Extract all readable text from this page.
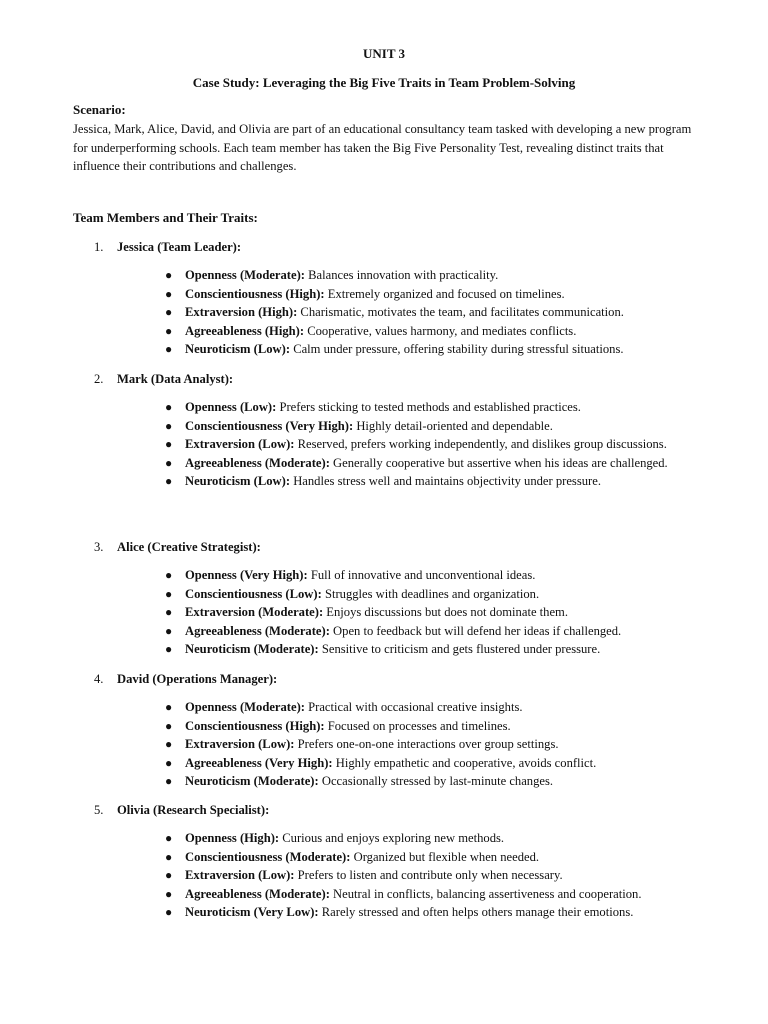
UNIT 3
Case Study: Leveraging the Big Five Traits in Team Problem-Solving
Scenario:
Jessica, Mark, Alice, David, and Olivia are part of an educational consultancy team tasked with developing a new program for underperforming schools. Each team member has taken the Big Five Personality Test, revealing distinct traits that influence their contributions and challenges.
Team Members and Their Traits:
1. Jessica (Team Leader):
● Openness (Moderate): Balances innovation with practicality.
● Conscientiousness (High): Extremely organized and focused on timelines.
● Extraversion (High): Charismatic, motivates the team, and facilitates communication.
● Agreeableness (High): Cooperative, values harmony, and mediates conflicts.
● Neuroticism (Low): Calm under pressure, offering stability during stressful situations.
2. Mark (Data Analyst):
● Openness (Low): Prefers sticking to tested methods and established practices.
● Conscientiousness (Very High): Highly detail-oriented and dependable.
● Extraversion (Low): Reserved, prefers working independently, and dislikes group discussions.
● Agreeableness (Moderate): Generally cooperative but assertive when his ideas are challenged.
● Neuroticism (Low): Handles stress well and maintains objectivity under pressure.
3. Alice (Creative Strategist):
● Openness (Very High): Full of innovative and unconventional ideas.
● Conscientiousness (Low): Struggles with deadlines and organization.
● Extraversion (Moderate): Enjoys discussions but does not dominate them.
● Agreeableness (Moderate): Open to feedback but will defend her ideas if challenged.
● Neuroticism (Moderate): Sensitive to criticism and gets flustered under pressure.
4. David (Operations Manager):
● Openness (Moderate): Practical with occasional creative insights.
● Conscientiousness (High): Focused on processes and timelines.
● Extraversion (Low): Prefers one-on-one interactions over group settings.
● Agreeableness (Very High): Highly empathetic and cooperative, avoids conflict.
● Neuroticism (Moderate): Occasionally stressed by last-minute changes.
5. Olivia (Research Specialist):
● Openness (High): Curious and enjoys exploring new methods.
● Conscientiousness (Moderate): Organized but flexible when needed.
● Extraversion (Low): Prefers to listen and contribute only when necessary.
● Agreeableness (Moderate): Neutral in conflicts, balancing assertiveness and cooperation.
● Neuroticism (Very Low): Rarely stressed and often helps others manage their emotions.
